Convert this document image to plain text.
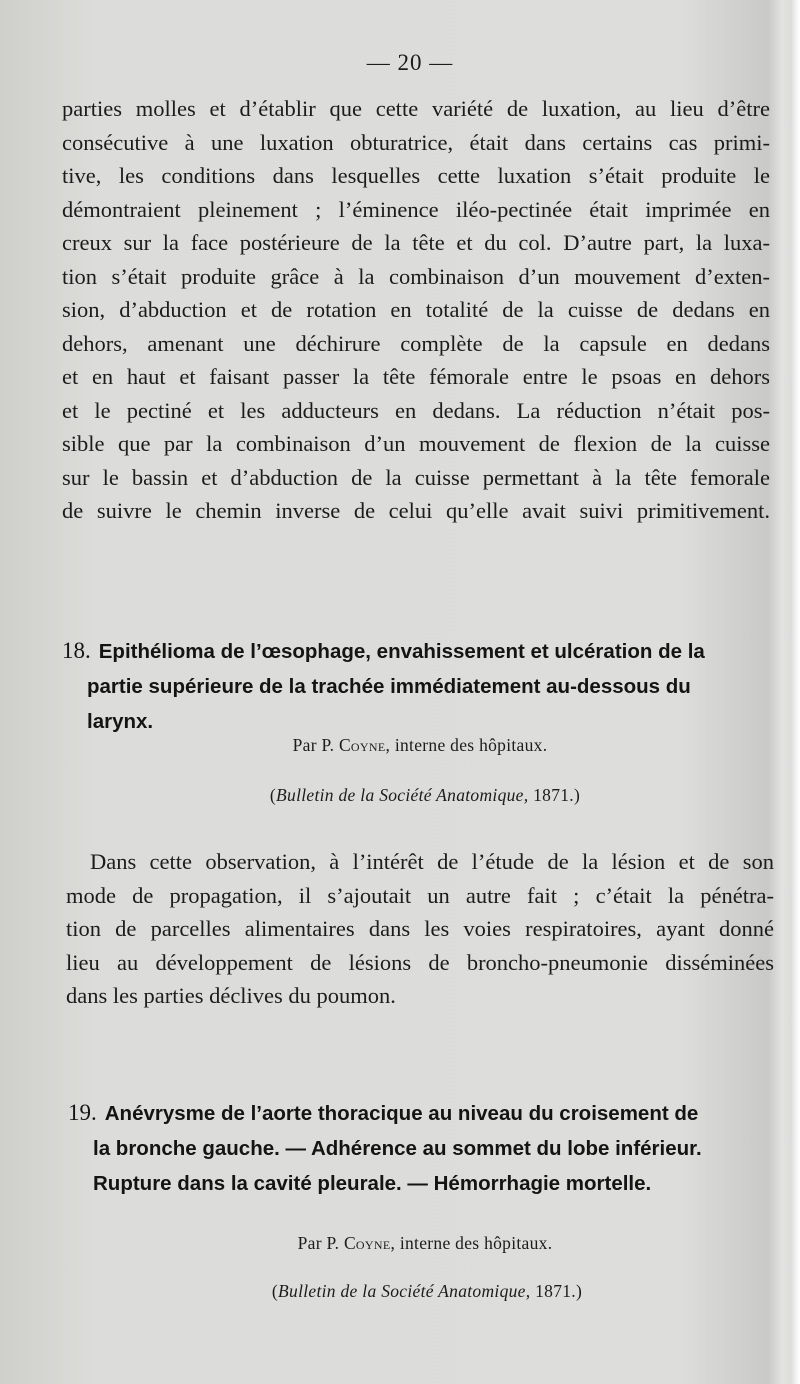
— 20 —
parties molles et d’établir que cette variété de luxation, au lieu d’être
consécutive à une luxation obturatrice, était dans certains cas primi-
tive, les conditions dans lesquelles cette luxation s’était produite le
démontraient pleinement ; l’éminence iléo-pectinée était imprimée en
creux sur la face postérieure de la tête et du col. D’autre part, la luxa-
tion s’était produite grâce à la combinaison d’un mouvement d’exten-
sion, d’abduction et de rotation en totalité de la cuisse de dedans en
dehors, amenant une déchirure complète de la capsule en dedans
et en haut et faisant passer la tête fémorale entre le psoas en dehors
et le pectiné et les adducteurs en dedans. La réduction n’était pos-
sible que par la combinaison d’un mouvement de flexion de la cuisse
sur le bassin et d’abduction de la cuisse permettant à la tête femorale
de suivre le chemin inverse de celui qu’elle avait suivi primitivement.
18. Epithélioma de l’œsophage, envahissement et ulcération de la
partie supérieure de la trachée immédiatement au-dessous du
larynx.
Par P. Coyne, interne des hôpitaux.
(Bulletin de la Société Anatomique, 1871.)
Dans cette observation, à l’intérêt de l’étude de la lésion et de son
mode de propagation, il s’ajoutait un autre fait ; c’était la pénétra-
tion de parcelles alimentaires dans les voies respiratoires, ayant donné
lieu au développement de lésions de broncho-pneumonie disséminées
dans les parties déclives du poumon.
19. Anévrysme de l’aorte thoracique au niveau du croisement de
la bronche gauche. — Adhérence au sommet du lobe inférieur.
Rupture dans la cavité pleurale. — Hémorrhagie mortelle.
Par P. Coyne, interne des hôpitaux.
(Bulletin de la Société Anatomique, 1871.)
